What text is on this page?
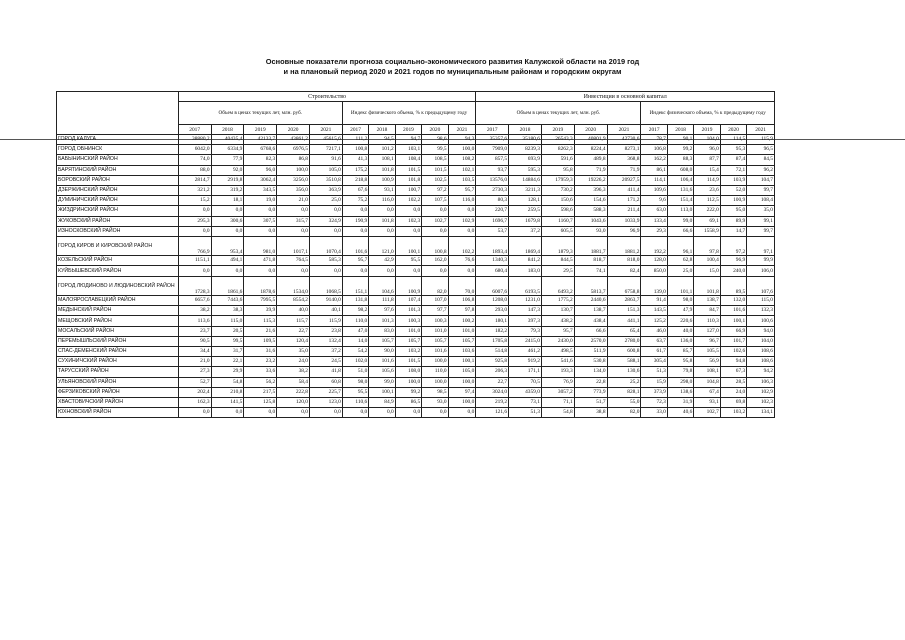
Основные показатели прогноза социально-экономического развития Калужской области на 2019 год
и на плановый период 2020 и 2021 годов по муниципальным районам и городским округам
	Строительство										Инвестиции в основной капитал									
	Объем в ценах текущих лет, млн. руб.					Индекс физического объема, % к предыдущему году					Объем в ценах текущих лет, млн. руб.					Индекс физического объема, % к предыдущему году				
	2017	2018	2019	2020	2021	2017	2018	2019	2020	2021	2017	2018	2019	2020	2021	2017	2018	2019	2020	2021
ГОРОД КАЛУГА	38880,2	40435,4	42133,7	43861,2	45615,6	111,2	94,5	94,7	98,6	94,3	35357,6	35180,6	26543,3	40801,9	42730,6	78,7	90,1	104,0	114,5	115,9
ГОРОД ОБНИНСК	6042,0	6334,9	6768,6	6976,5	7217,1	100,8	101,2	103,1	99,5	100,0	7909,0	8239,3	8262,3	8224,4	8273,1	106,8	99,2	96,0	95,3	96,5
БАБЫНИНСКИЙ РАЙОН	74,0	77,9	82,3	86,8	91,6	41,3	108,1	108,4	108,5	108,2	857,5	693,9	591,6	489,8	368,8	162,2	88,3	87,7	87,4	84,5
БАРЯТИНСКИЙ РАЙОН	88,0	92,0	96,0	100,0	105,0	175,2	101,8	101,5	101,5	102,1	93,7	595,3	95,8	71,9	71,9	86,1	608,0	15,4	72,1	96,2
БОРОВСКИЙ РАЙОН	2814,7	2919,8	3062,4	3256,0	3510,8	218,8	100,9	101,8	102,5	103,5	13576,0	14884,6	17959,3	19226,2	20927,5	114,1	106,4	114,9	103,9	104,7
ДЗЕРЖИНСКИЙ РАЙОН	321,2	319,2	343,5	356,0	363,9	67,6	93,1	100,7	97,2	95,7	2730,3	3211,3	730,2	396,3	411,4	109,6	131,6	23,6	52,0	99,7
ДУМИНИЧСКИЙ РАЙОН	15,2	18,1	19,0	21,0	25,0	75,2	116,0	102,2	107,5	116,0	80,3	128,1	150,6	154,6	171,2	9,6	151,4	112,5	100,9	108,4
ЖИЗДРИНСКИЙ РАЙОН	0,0	0,0	0,0	0,0	0,0	0,0	0,0	0,0	0,0	0,0	220,7	259,5	598,6	588,3	211,4	63,0	113,0	222,0	95,0	35,0
ЖУКОВСКИЙ РАЙОН	295,3	300,6	307,5	315,7	324,9	190,9	101,8	102,3	102,7	102,9	1696,7	1679,8	1160,7	1043,6	1033,9	133,4	99,0	69,1	89,9	99,1
ИЗНОСКОВСКИЙ РАЙОН	0,0	0,0	0,0	0,0	0,0	0,0	0,0	0,0	0,0	0,0	53,7	37,2	605,5	93,0	96,9	29,3	66,6	1558,9	14,7	99,7
ГОРОД КИРОВ И КИРОВСКИЙ РАЙОН	766,9	953,4	981,0	1017,1	1070,4	101,6	121,0	100,1	100,8	102,2	1893,4	1869,4	1879,3	1881,7	1881,2	192,2	96,1	97,8	97,2	97,1
КОЗЕЛЬСКИЙ РАЙОН	1151,1	494,1	471,8	764,5	585,3	95,7	42,9	95,5	162,0	76,6	1340,3	841,2	844,5	818,7	818,0	128,0	62,8	100,4	96,9	99,9
КУЙБЫШЕВСКИЙ РАЙОН	0,0	0,0	0,0	0,0	0,0	0,0	0,0	0,0	0,0	0,0	680,4	183,0	29,5	74,1	82,4	850,0	25,0	15,0	240,0	106,0
ГОРОД ЛЮДИНОВО И ЛЮДИНОВСКИЙ РАЙОН	1728,3	1861,6	1878,6	1534,0	1068,5	151,1	104,6	100,9	82,0	70,0	6007,6	6193,5	6493,2	5813,7	6758,8	139,0	101,1	101,8	89,5	107,6
МАЛОЯРОСЛАВЕЦКИЙ РАЙОН	6657,6	7443,6	7995,5	8554,2	9140,0	131,8	111,8	107,4	107,0	106,8	1208,0	1231,0	1775,2	2440,6	2863,7	91,4	98,0	138,7	132,0	115,0
МЕДЫНСКИЙ РАЙОН	38,2	38,3	39,9	40,0	40,1	98,2	97,6	101,3	97,7	97,8	293,0	147,3	130,7	138,7	151,3	143,5	47,9	84,7	101,6	132,3
МЕЩОВСКИЙ РАЙОН	113,6	115,0	115,3	115,7	115,9	110,0	101,3	100,3	100,3	100,2	180,1	397,3	438,2	438,4	441,1	125,2	220,6	110,3	100,1	100,6
МОСАЛЬСКИЙ РАЙОН	23,7	20,5	21,6	22,7	23,8	47,0	83,0	101,0	101,0	101,0	182,2	79,3	95,7	66,6	65,4	46,0	40,0	127,0	66,9	94,0
ПЕРЕМЫШЛЬСКИЙ РАЙОН	90,5	99,5	109,5	120,4	132,4	14,0	105,7	105,7	105,7	105,7	1705,8	2415,0	2430,0	2570,0	2780,0	63,7	136,0	96,7	101,7	104,0
СПАС-ДЕМЕНСКИЙ РАЙОН	34,4	31,7	31,6	35,0	37,2	54,2	90,0	103,2	101,6	103,6	514,8	461,2	498,5	511,9	600,8	61,7	85,7	105,5	102,6	108,6
СУХИНИЧСКИЙ РАЙОН	21,0	22,1	23,2	24,0	24,5	102,0	101,6	101,5	100,0	100,1	925,8	919,2	541,6	530,8	588,1	305,4	95,8	56,9	94,8	108,6
ТАРУССКИЙ РАЙОН	27,3	29,9	33,6	38,2	41,8	51,0	105,6	108,0	110,0	105,0	206,3	171,1	193,3	134,0	130,6	51,3	79,8	108,1	67,3	94,2
УЛЬЯНОВСКИЙ РАЙОН	52,7	54,8	56,2	58,4	60,8	98,0	99,0	100,0	100,0	100,0	22,7	70,5	76,9	22,8	25,2	15,9	298,0	104,8	28,5	106,3
ФЕРЗИКОВСКИЙ РАЙОН	202,4	210,8	217,5	222,8	225,7	95,5	100,1	99,2	98,5	97,4	3024,0	4359,0	3057,2	773,9	828,1	373,9	138,6	67,4	24,0	102,9
ХВАСТОВИЧСКИЙ РАЙОН	162,3	141,5	125,8	120,0	123,0	110,6	84,9	86,5	93,0	100,0	219,2	73,1	71,1	51,7	55,0	72,3	31,9	93,1	69,8	102,3
ЮХНОВСКИЙ РАЙОН	0,0	0,0	0,0	0,0	0,0	0,0	0,0	0,0	0,0	0,0	121,6	51,3	54,8	38,8	82,0	33,0	40,6	102,7	103,2	134,1
